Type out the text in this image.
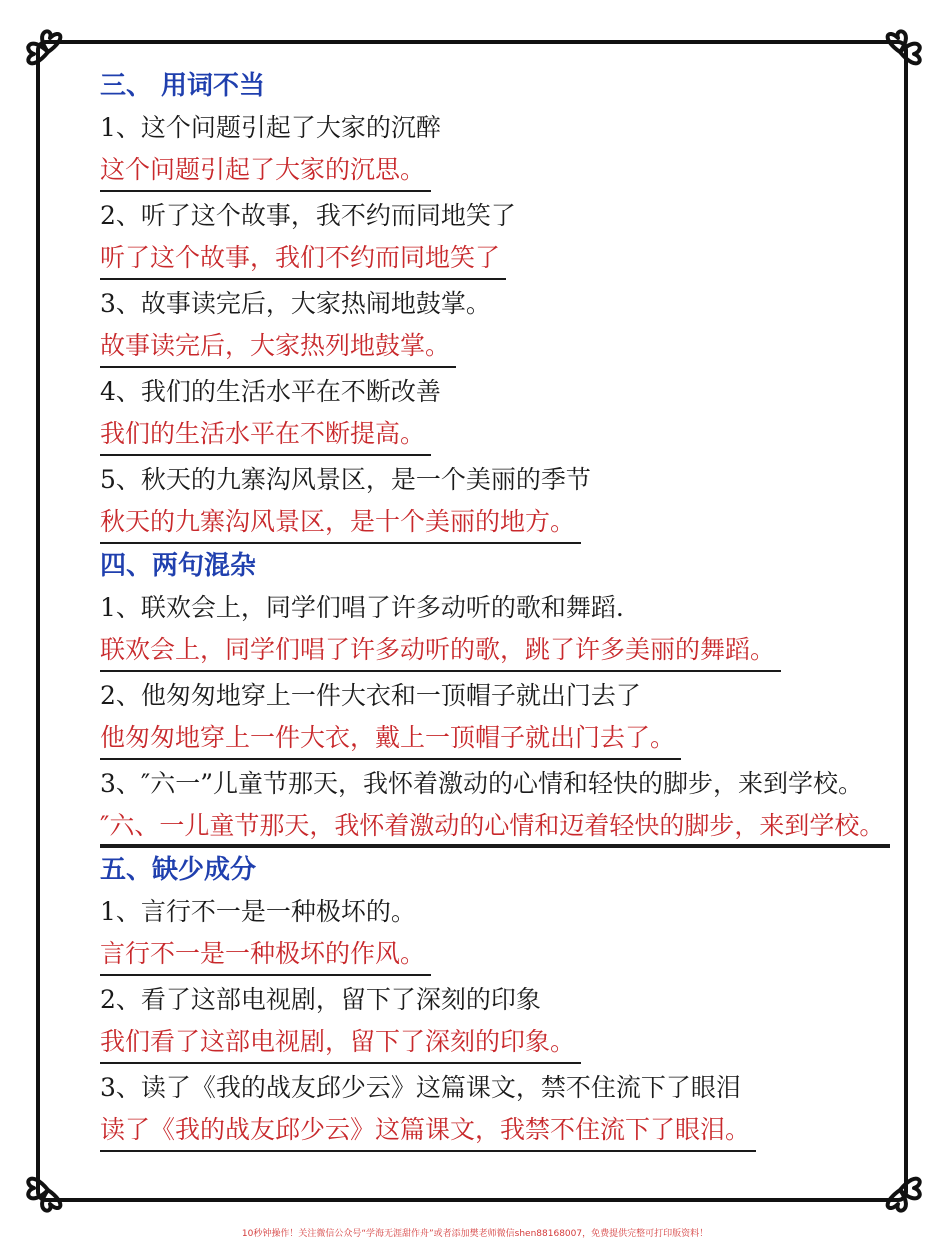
三、 用词不当
1、这个问题引起了大家的沉醉
这个问题引起了大家的沉思。
2、听了这个故事，我不约而同地笑了
听了这个故事，我们不约而同地笑了
3、故事读完后，大家热闹地鼓掌。
故事读完后，大家热列地鼓掌。
4、我们的生活水平在不断改善
我们的生活水平在不断提高。
5、秋天的九寨沟风景区，是一个美丽的季节
秋天的九寨沟风景区，是十个美丽的地方。
四、两句混杂
1、联欢会上，同学们唱了许多动听的歌和舞蹈.
联欢会上，同学们唱了许多动听的歌，跳了许多美丽的舞蹈。
2、他匆匆地穿上一件大衣和一顶帽子就出门去了
他匆匆地穿上一件大衣，戴上一顶帽子就出门去了。
3、″六一”儿童节那天，我怀着激动的心情和轻快的脚步，来到学校。
″六、一儿童节那天，我怀着激动的心情和迈着轻快的脚步，来到学校。
五、缺少成分
1、言行不一是一种极坏的。
言行不一是一种极坏的作风。
2、看了这部电视剧，留下了深刻的印象
我们看了这部电视剧，留下了深刻的印象。
3、读了《我的战友邱少云》这篇课文，禁不住流下了眼泪
读了《我的战友邱少云》这篇课文，我禁不住流下了眼泪。
10秒钟操作！关注微信公众号“学海无涯甜作舟”或者添加樊老师微信shen88168007，免费提供完整可打印版资料！
